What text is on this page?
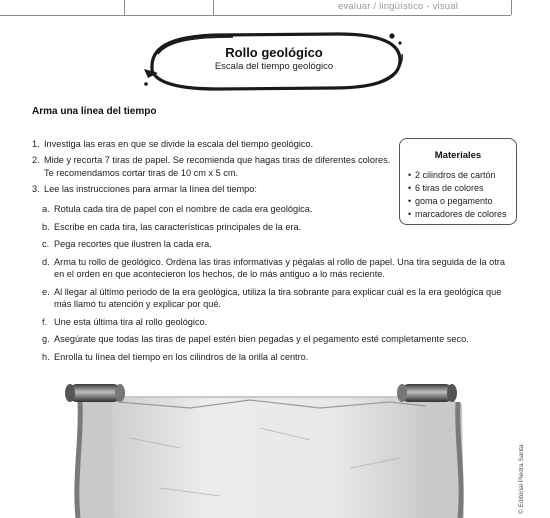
evaluar / lingüístico - visual
Rollo geológico
Escala del tiempo geológico
Arma una línea del tiempo
1. Investiga las eras en que se divide la escala del tiempo geológico.
2. Mide y recorta 7 tiras de papel. Se recomienda que hagas tiras de diferentes colores. Te recomendamos cortar tiras de 10 cm x 5 cm.
3. Lee las instrucciones para armar la línea del tiempo:
a. Rotula cada tira de papel con el nombre de cada era geológica.
b. Escribe en cada tira, las características principales de la era.
c. Pega recortes que ilustren la cada era.
d. Arma tu rollo de geológico. Ordena las tiras informativas y pégalas al rollo de papel. Una tira seguida de la otra en el orden en que acontecieron los hechos, de lo más antiguo a lo más reciente.
e. Al llegar al último periodo de la era geológica, utiliza la tira sobrante para explicar cuál es la era geológica que más llamó tu atención y explicar por qué.
f. Une esta última tira al rollo geológico.
g. Asegúrate que todas las tiras de papel estén bien pegadas y el pegamento esté completamente seco.
h. Enrolla tu línea del tiempo en los cilindros de la orilla al centro.
Materiales
• 2 cilindros de cartón
• 6 tiras de colores
• goma o pegamento
• marcadores de colores
© Editorial Piedra Santa
